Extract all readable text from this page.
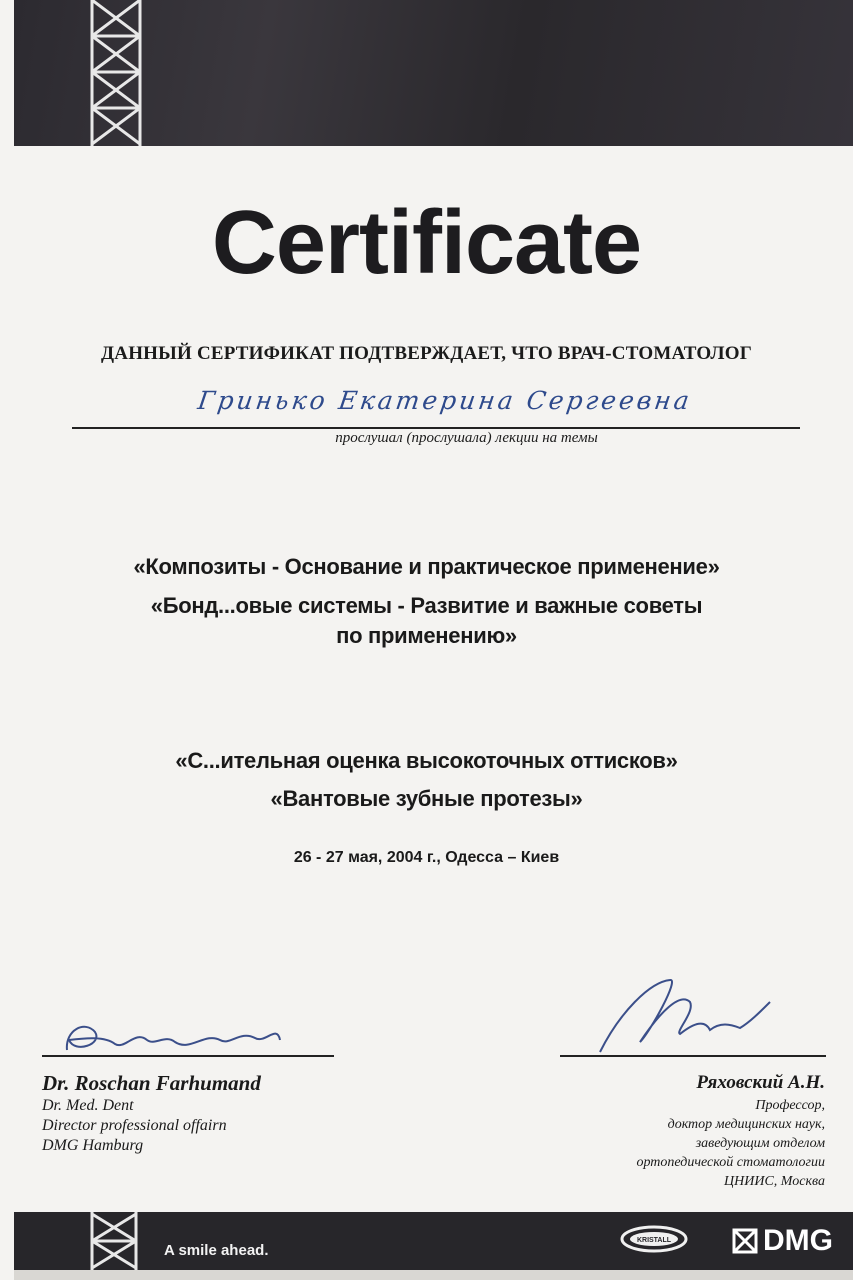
Certificate
ДАННЫЙ СЕРТИФИКАТ ПОДТВЕРЖДАЕТ, ЧТО ВРАЧ-СТОМАТОЛОГ
Гринько Екатерина Сергеевна
прослушал (прослушала) лекции на темы
«Композиты - Основание и практическое применение»
«Бонд...овые системы - Развитие и важные советы
по применению»
«С...ительная оценка высокоточных оттисков»
«Вантовые зубные протезы»
26 - 27 мая, 2004 г., Одесса – Киев
Dr. Roschan Farhumand
Dr. Med. Dent
Director professional offairn
DMG Hamburg
Ряховский А.Н.
Профессор,
доктор медицинских наук,
заведующим отделом
ортопедической стоматологии
ЦНИИС, Москва
A smile ahead.
KRISTALL	DMG
